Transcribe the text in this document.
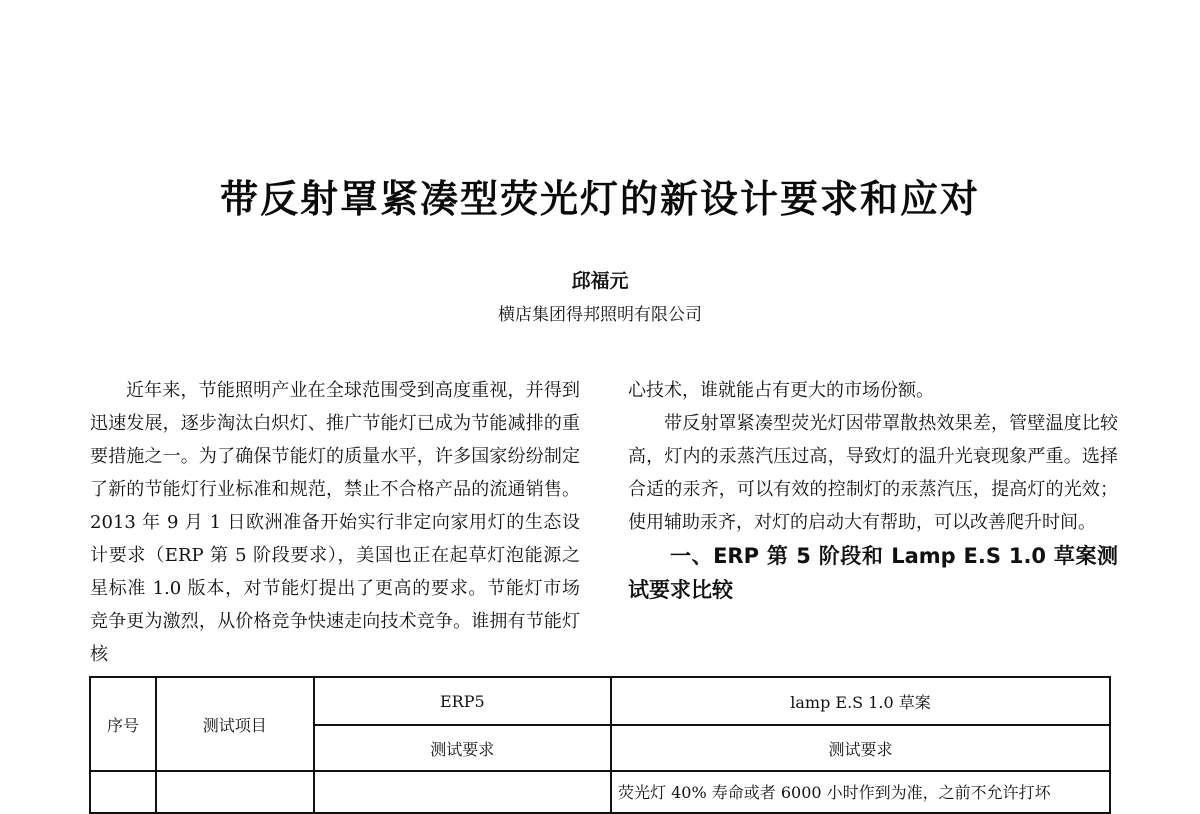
带反射罩紧凑型荧光灯的新设计要求和应对
邱福元
横店集团得邦照明有限公司

近年来，节能照明产业在全球范围受到高度重视，并得到迅速发展，逐步淘汰白炽灯、推广节能灯已成为节能减排的重要措施之一。为了确保节能灯的质量水平，许多国家纷纷制定了新的节能灯行业标准和规范，禁止不合格产品的流通销售。2013 年 9 月 1 日欧洲准备开始实行非定向家用灯的生态设计要求（ERP 第 5 阶段要求），美国也正在起草灯泡能源之星标准 1.0 版本，对节能灯提出了更高的要求。节能灯市场竞争更为激烈，从价格竞争快速走向技术竞争。谁拥有节能灯核

心技术，谁就能占有更大的市场份额。

带反射罩紧凑型荧光灯因带罩散热效果差，管壁温度比较高，灯内的汞蒸汽压过高，导致灯的温升光衰现象严重。选择合适的汞齐，可以有效的控制灯的汞蒸汽压，提高灯的光效；使用辅助汞齐，对灯的启动大有帮助，可以改善爬升时间。

一、ERP 第 5 阶段和 Lamp E.S 1.0 草案测试要求比较

序号	测试项目	ERP5	lamp E.S 1.0 草案
		测试要求	测试要求

			荧光灯 40% 寿命或者 6000 小时作到为准，之前不允许打坏
